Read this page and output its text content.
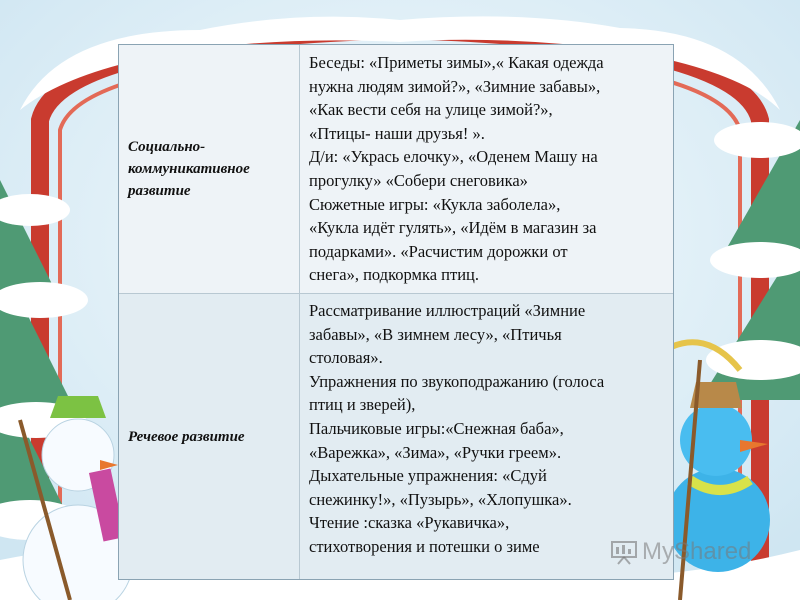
Социально-
коммуникативное
развитие

Беседы: «Приметы зимы»,« Какая одежда

нужна людям зимой?», «Зимние забавы»,

«Как вести себя на улице зимой?»,

«Птицы- наши друзья! ».

Д/и: «Укрась елочку», «Оденем Машу на

прогулку» «Собери снеговика»

Сюжетные игры: «Кукла заболела»,

«Кукла идёт гулять», «Идём в магазин за

подарками». «Расчистим дорожки от

снега», подкормка птиц.

Речевое развитие

Рассматривание иллюстраций «Зимние

забавы», «В зимнем лесу», «Птичья

столовая».

Упражнения по звукоподражанию (голоса

птиц и зверей),

Пальчиковые игры:«Снежная баба»,

«Варежка», «Зима», «Ручки греем».

Дыхательные упражнения: «Сдуй

снежинку!», «Пузырь», «Хлопушка».

Чтение :сказка «Рукавичка»,

стихотворения и потешки о зиме	MyShared
